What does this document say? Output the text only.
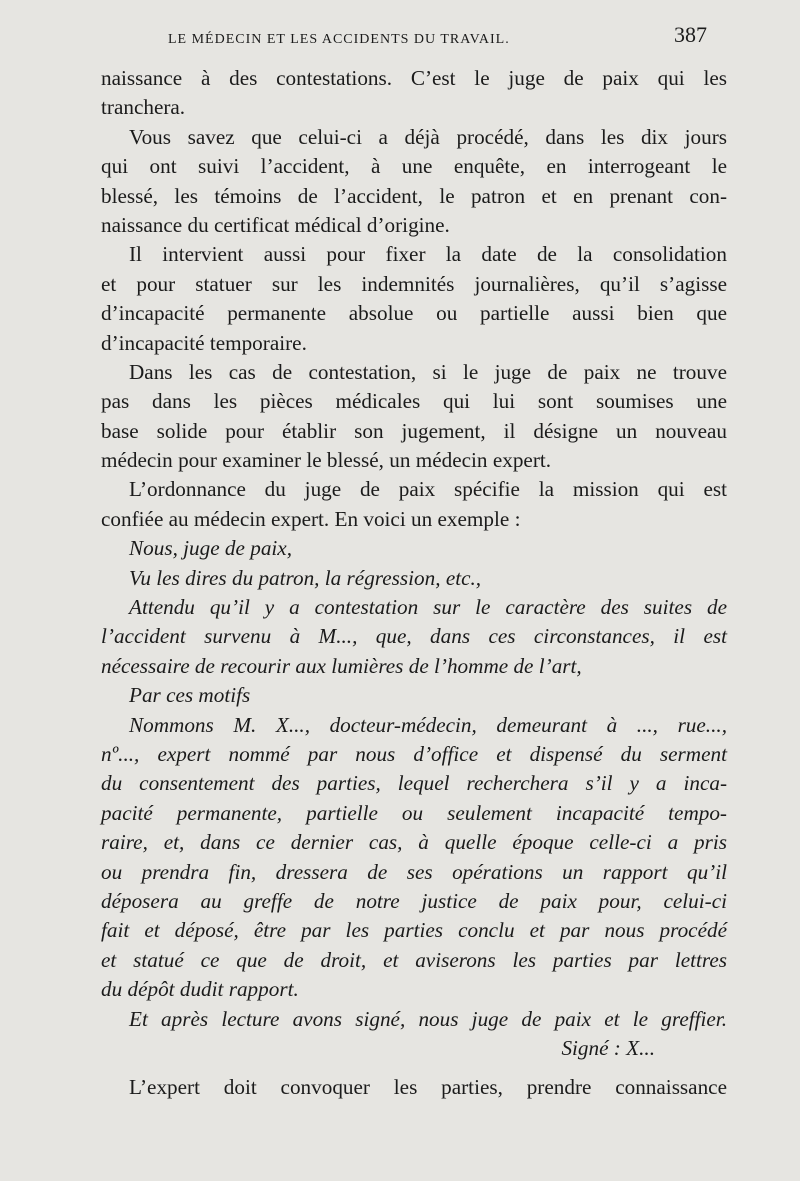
LE MÉDECIN ET LES ACCIDENTS DU TRAVAIL.	387
naissance à des contestations. C’est le juge de paix qui les
tranchera.
Vous savez que celui-ci a déjà procédé, dans les dix jours
qui ont suivi l’accident, à une enquête, en interrogeant le
blessé, les témoins de l’accident, le patron et en prenant con-
naissance du certificat médical d’origine.
Il intervient aussi pour fixer la date de la consolidation
et pour statuer sur les indemnités journalières, qu’il s’agisse
d’incapacité permanente absolue ou partielle aussi bien que
d’incapacité temporaire.
Dans les cas de contestation, si le juge de paix ne trouve
pas dans les pièces médicales qui lui sont soumises une
base solide pour établir son jugement, il désigne un nouveau
médecin pour examiner le blessé, un médecin expert.
L’ordonnance du juge de paix spécifie la mission qui est
confiée au médecin expert. En voici un exemple :
Nous, juge de paix,
Vu les dires du patron, la régression, etc.,
Attendu qu’il y a contestation sur le caractère des suites de
l’accident survenu à M..., que, dans ces circonstances, il est
nécessaire de recourir aux lumières de l’homme de l’art,
Par ces motifs
Nommons M. X..., docteur-médecin, demeurant à ..., rue...,
nº..., expert nommé par nous d’office et dispensé du serment
du consentement des parties, lequel recherchera s’il y a inca-
pacité permanente, partielle ou seulement incapacité tempo-
raire, et, dans ce dernier cas, à quelle époque celle-ci a pris
ou prendra fin, dressera de ses opérations un rapport qu’il
déposera au greffe de notre justice de paix pour, celui-ci
fait et déposé, être par les parties conclu et par nous procédé
et statué ce que de droit, et aviserons les parties par lettres
du dépôt dudit rapport.
Et après lecture avons signé, nous juge de paix et le greffier.
Signé : X...
L’expert doit convoquer les parties, prendre connaissance
